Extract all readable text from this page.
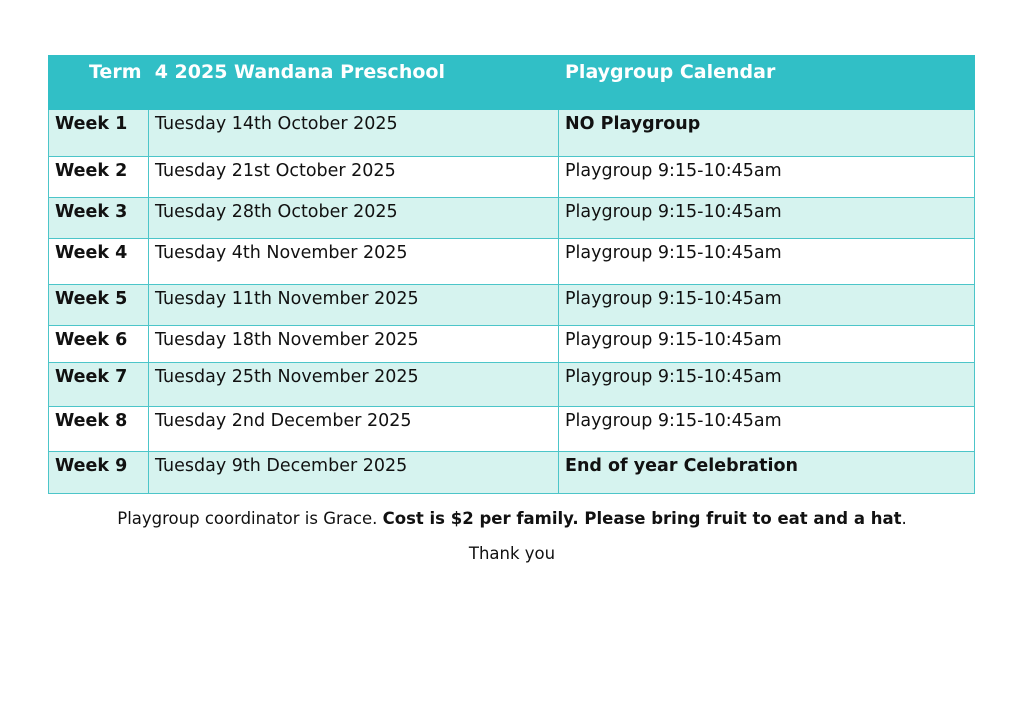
Term  4 2025 Wandana Preschool		Playgroup Calendar
Week 1	Tuesday 14th October 2025	NO Playgroup
Week 2	Tuesday 21st October 2025	Playgroup 9:15-10:45am
Week 3	Tuesday 28th October 2025	Playgroup 9:15-10:45am
Week 4	Tuesday 4th November 2025	Playgroup 9:15-10:45am
Week 5	Tuesday 11th November 2025	Playgroup 9:15-10:45am
Week 6	Tuesday 18th November 2025	Playgroup 9:15-10:45am
Week 7	Tuesday 25th November 2025	Playgroup 9:15-10:45am
Week 8	Tuesday 2nd December 2025	Playgroup 9:15-10:45am
Week 9	Tuesday 9th December 2025	End of year Celebration
Playgroup coordinator is Grace. Cost is $2 per family. Please bring fruit to eat and a hat.
Thank you
